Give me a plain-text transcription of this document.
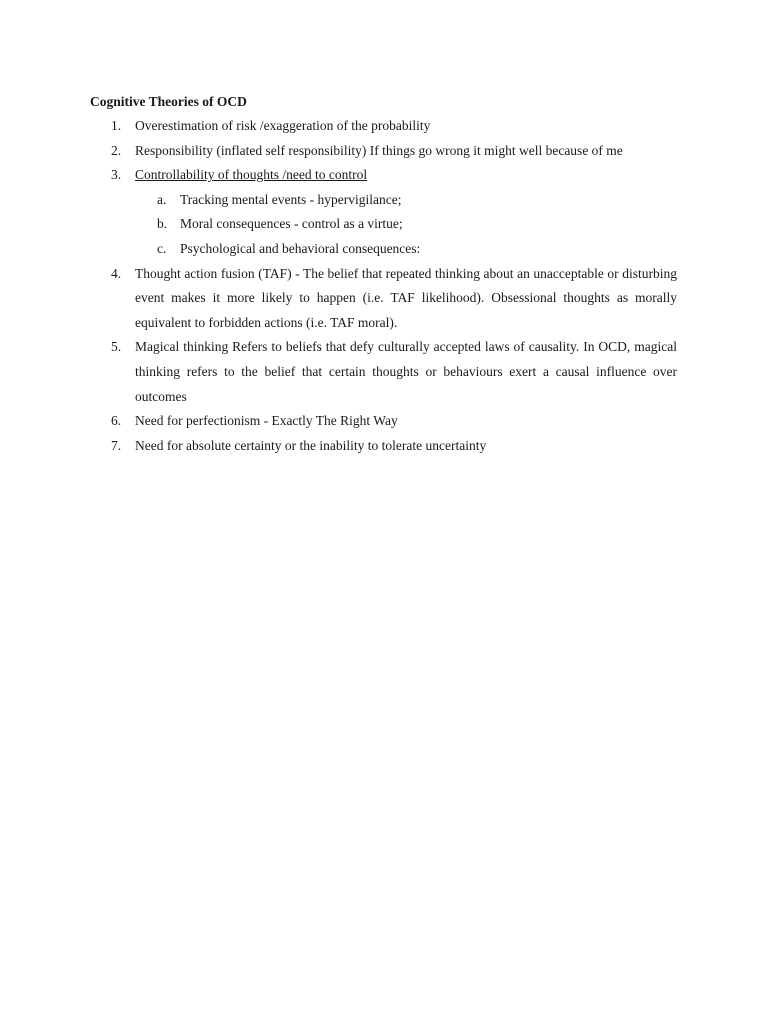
Cognitive Theories of OCD
1.	Overestimation of risk /exaggeration of the probability
2.	Responsibility (inflated self responsibility) If things go wrong it might well because of me
3.	Controllability of thoughts /need to control
a. Tracking mental events - hypervigilance;
b. Moral consequences - control as a virtue;
c. Psychological and behavioral consequences:
4.	Thought action fusion (TAF) - The belief that repeated thinking about an unacceptable or disturbing event makes it more likely to happen (i.e. TAF likelihood). Obsessional thoughts as morally equivalent to forbidden actions (i.e. TAF moral).
5.	Magical thinking Refers to beliefs that defy culturally accepted laws of causality. In OCD, magical thinking refers to the belief that certain thoughts or behaviours exert a causal influence over outcomes
6.	Need for perfectionism - Exactly The Right Way
7.	Need for absolute certainty or the inability to tolerate uncertainty
